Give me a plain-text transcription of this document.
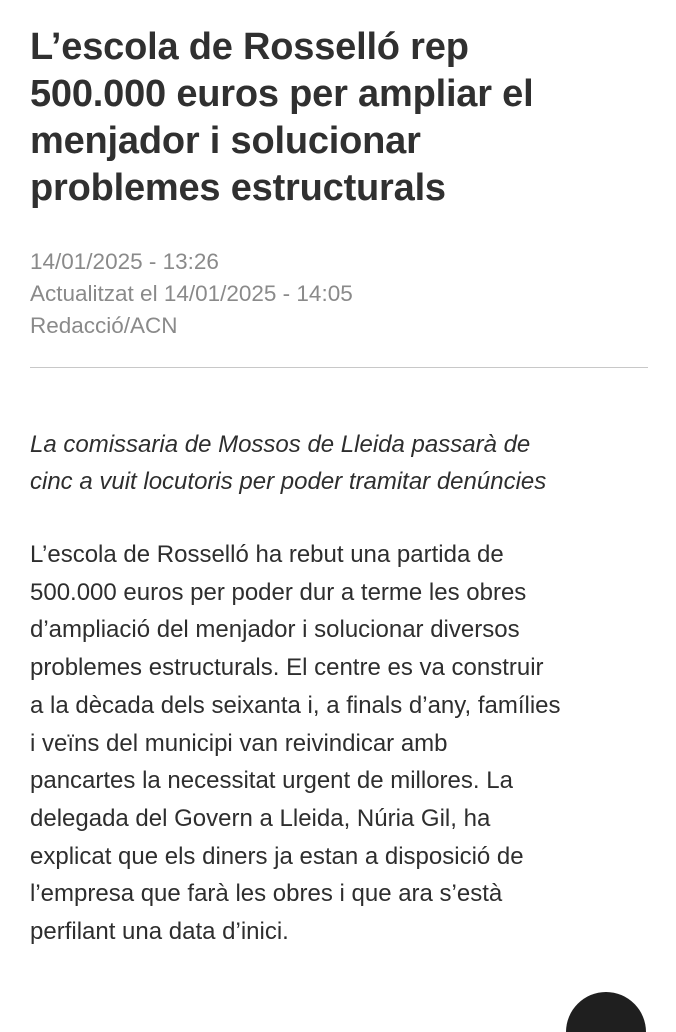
L’escola de Rosselló rep
500.000 euros per ampliar el
menjador i solucionar
problemes estructurals
14/01/2025 - 13:26
Actualitzat el 14/01/2025 - 14:05
Redacció/ACN
La comissaria de Mossos de Lleida passarà de
cinc a vuit locutoris per poder tramitar denúncies
L’escola de Rosselló ha rebut una partida de
500.000 euros per poder dur a terme les obres
d’ampliació del menjador i solucionar diversos
problemes estructurals. El centre es va construir
a la dècada dels seixanta i, a finals d’any, famílies
i veïns del municipi van reivindicar amb
pancartes la necessitat urgent de millores. La
delegada del Govern a Lleida, Núria Gil, ha
explicat que els diners ja estan a disposició de
l’empresa que farà les obres i que ara s’està
perfilant una data d’inici.
